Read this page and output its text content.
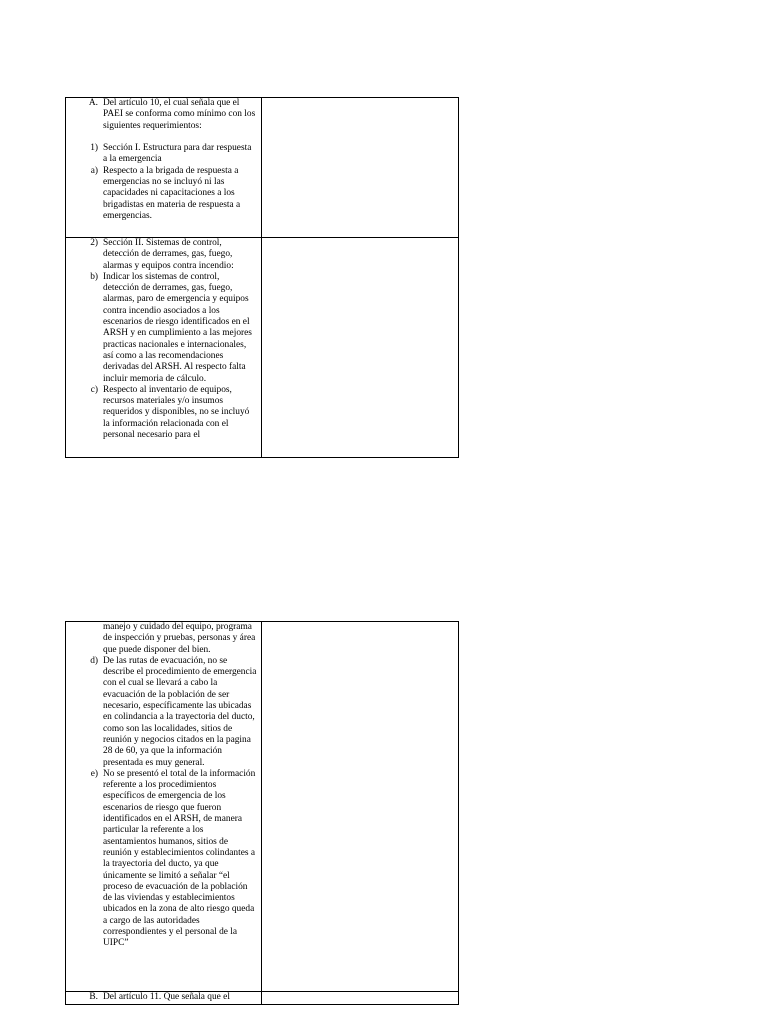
A. Del artículo 10, el cual señala que el PAEI se conforma como mínimo con los siguientes requerimientos:
1) Sección I. Estructura para dar respuesta a la emergencia
a) Respecto a la brigada de respuesta a emergencias no se incluyó ni las capacidades ni capacitaciones a los brigadistas en materia de respuesta a emergencias.
2) Sección II. Sistemas de control, detección de derrames, gas, fuego, alarmas y equipos contra incendio:
b) Indicar los sistemas de control, detección de derrames, gas, fuego, alarmas, paro de emergencia y equipos contra incendio asociados a los escenarios de riesgo identificados en el ARSH y en cumplimiento a las mejores practicas nacionales e internacionales, así como a las recomendaciones derivadas del ARSH. Al respecto falta incluir memoria de cálculo.
c) Respecto al inventario de equipos, recursos materiales y/o insumos requeridos y disponibles, no se incluyó la información relacionada con el personal necesario para el
manejo y cuidado del equipo, programa de inspección y pruebas, personas y área que puede disponer del bien.
d) De las rutas de evacuación, no se describe el procedimiento de emergencia con el cual se llevará a cabo la evacuación de la población de ser necesario, específicamente las ubicadas en colindancia a la trayectoria del ducto, como son las localidades, sitios de reunión y negocios citados en la pagina 28 de 60, ya que la información presentada es muy general.
e) No se presentó el total de la información referente a los procedimientos específicos de emergencia de los escenarios de riesgo que fueron identificados en el ARSH, de manera particular la referente a los asentamientos humanos, sitios de reunión y establecimientos colindantes a la trayectoria del ducto, ya que únicamente se limitó a señalar “el proceso de evacuación de la población de las viviendas y establecimientos ubicados en la zona de alto riesgo queda a cargo de las autoridades correspondientes y el personal de la UIPC”
B. Del artículo 11. Que señala que el
